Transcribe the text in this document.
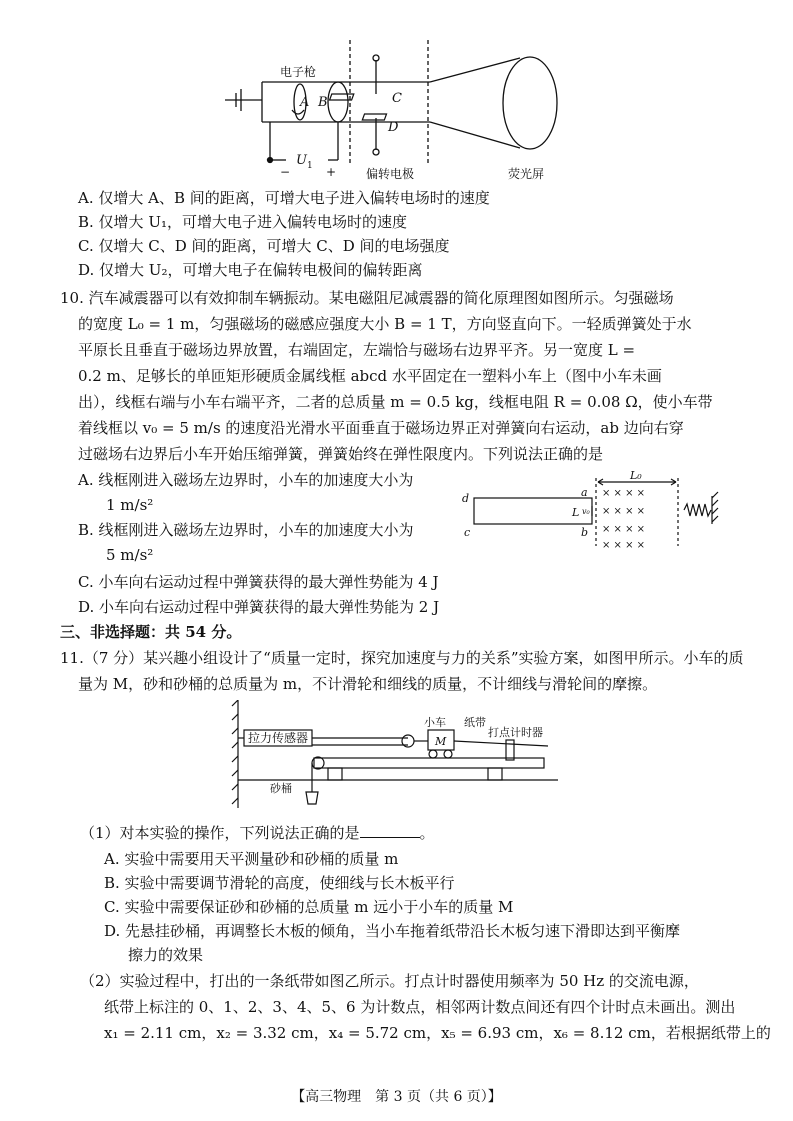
电子枪
A B	C
D
U 1
−	+ 偏转电极	荧光屏
A. 仅增大 A、B 间的距离，可增大电子进入偏转电场时的速度
B. 仅增大 U₁，可增大电子进入偏转电场时的速度
C. 仅增大 C、D 间的距离，可增大 C、D 间的电场强度
D. 仅增大 U₂，可增大电子在偏转电极间的偏转距离
10. 汽车减震器可以有效抑制车辆振动。某电磁阻尼减震器的简化原理图如图所示。匀强磁场
的宽度 L₀ = 1 m，匀强磁场的磁感应强度大小 B = 1 T，方向竖直向下。一轻质弹簧处于水
平原长且垂直于磁场边界放置，右端固定，左端恰与磁场右边界平齐。另一宽度 L =
0.2 m、足够长的单匝矩形硬质金属线框 abcd 水平固定在一塑料小车上（图中小车未画
出），线框右端与小车右端平齐，二者的总质量 m = 0.5 kg，线框电阻 R = 0.08 Ω，使小车带
着线框以 v₀ = 5 m/s 的速度沿光滑水平面垂直于磁场边界正对弹簧向右运动，ab 边向右穿
过磁场右边界后小车开始压缩弹簧，弹簧始终在弹性限度内。下列说法正确的是
A. 线框刚进入磁场左边界时，小车的加速度大小为
1 m/s²
B. 线框刚进入磁场左边界时，小车的加速度大小为
5 m/s²
C. 小车向右运动过程中弹簧获得的最大弹性势能为 4 J
D. 小车向右运动过程中弹簧获得的最大弹性势能为 2 J
× × × ×
× × × ×
× × × ×
× × × ×
d
c
a
b
L v₀
L₀
三、非选择题：共 54 分。
11.（7 分）某兴趣小组设计了“质量一定时，探究加速度与力的关系”实验方案，如图甲所示。小车的质
量为 M，砂和砂桶的总质量为 m，不计滑轮和细线的质量，不计细线与滑轮间的摩擦。
拉力传感器
小车
M
纸带
打点计时器
砂桶
（1）对本实验的操作，下列说法正确的是	。
A. 实验中需要用天平测量砂和砂桶的质量 m
B. 实验中需要调节滑轮的高度，使细线与长木板平行
C. 实验中需要保证砂和砂桶的总质量 m 远小于小车的质量 M
D. 先悬挂砂桶，再调整长木板的倾角，当小车拖着纸带沿长木板匀速下滑即达到平衡摩
擦力的效果
（2）实验过程中，打出的一条纸带如图乙所示。打点计时器使用频率为 50 Hz 的交流电源，
纸带上标注的 0、1、2、3、4、5、6 为计数点，相邻两计数点间还有四个计时点未画出。测出
x₁ = 2.11 cm，x₂ = 3.32 cm，x₄ = 5.72 cm，x₅ = 6.93 cm，x₆ = 8.12 cm，若根据纸带上的
【高三物理　第 3 页（共 6 页）】
